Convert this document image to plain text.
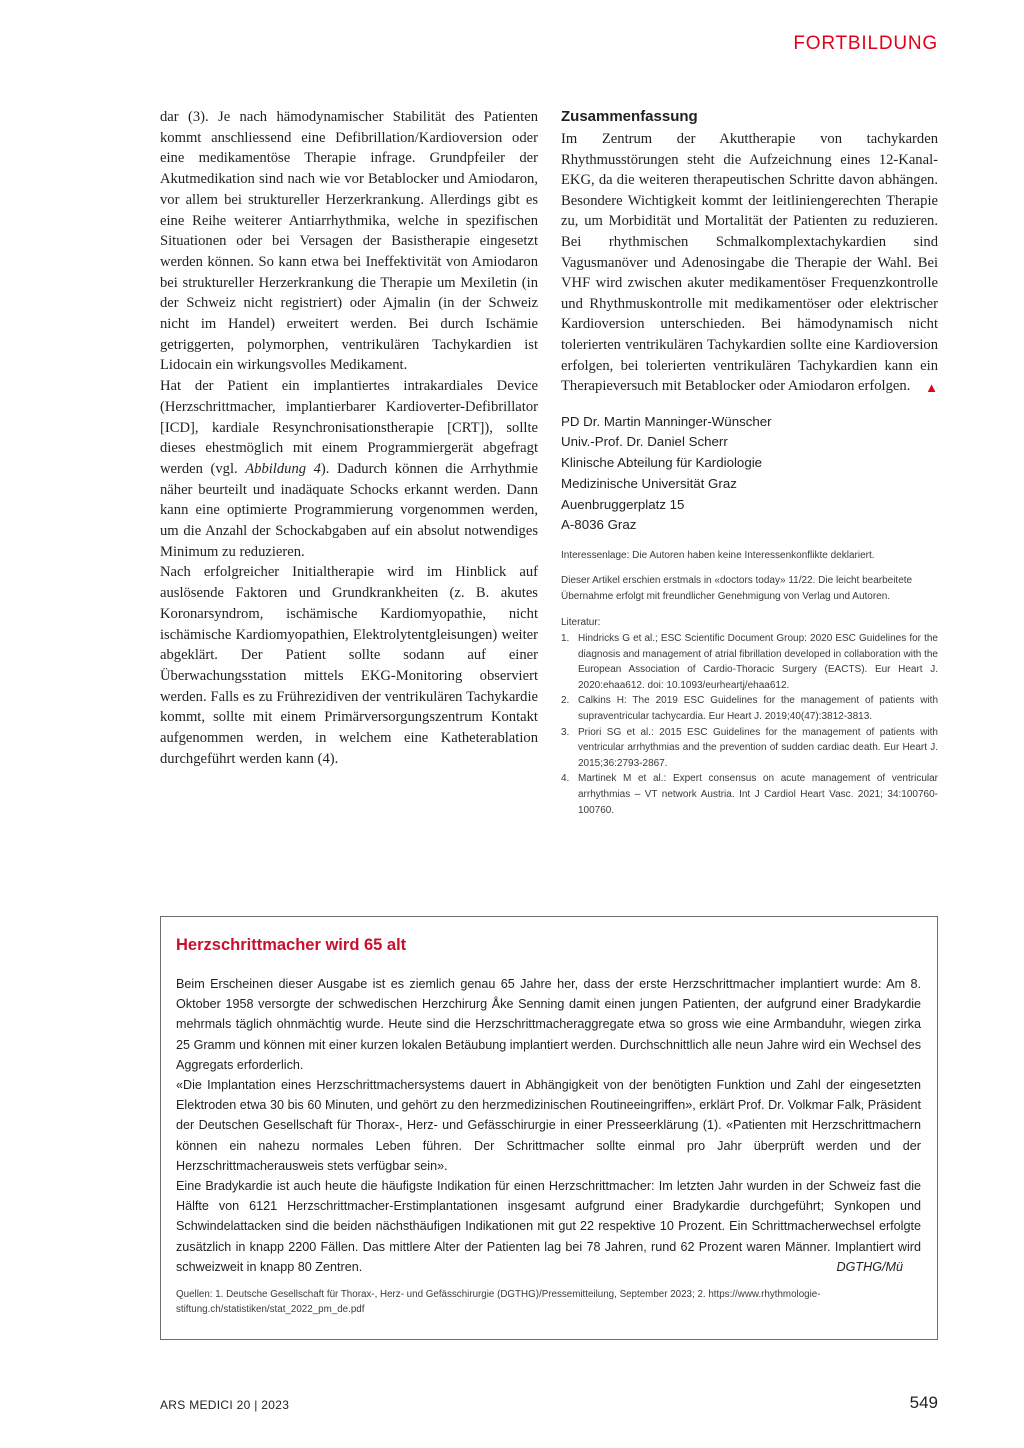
FORTBILDUNG

dar (3). Je nach hämodynamischer Stabilität des Patienten kommt anschliessend eine Defibrillation/Kardioversion oder eine medikamentöse Therapie infrage. Grundpfeiler der Akutmedikation sind nach wie vor Betablocker und Amiodaron, vor allem bei struktureller Herzerkrankung. Allerdings gibt es eine Reihe weiterer Antiarrhythmika, welche in spezifischen Situationen oder bei Versagen der Basistherapie eingesetzt werden können. So kann etwa bei Ineffektivität von Amiodaron bei struktureller Herzerkrankung die Therapie um Mexiletin (in der Schweiz nicht registriert) oder Ajmalin (in der Schweiz nicht im Handel) erweitert werden. Bei durch Ischämie getriggerten, polymorphen, ventrikulären Tachykardien ist Lidocain ein wirkungsvolles Medikament.

Hat der Patient ein implantiertes intrakardiales Device (Herzschrittmacher, implantierbarer Kardioverter-Defibrillator [ICD], kardiale Resynchronisationstherapie [CRT]), sollte dieses ehestmöglich mit einem Programmiergerät abgefragt werden (vgl. Abbildung 4). Dadurch können die Arrhythmie näher beurteilt und inadäquate Schocks erkannt werden. Dann kann eine optimierte Programmierung vorgenommen werden, um die Anzahl der Schockabgaben auf ein absolut notwendiges Minimum zu reduzieren.

Nach erfolgreicher Initialtherapie wird im Hinblick auf auslösende Faktoren und Grundkrankheiten (z. B. akutes Koronarsyndrom, ischämische Kardiomyopathie, nicht ischämische Kardiomyopathien, Elektrolytentgleisungen) weiter abgeklärt. Der Patient sollte sodann auf einer Überwachungsstation mittels EKG-Monitoring observiert werden. Falls es zu Frührezidiven der ventrikulären Tachykardie kommt, sollte mit einem Primärversorgungszentrum Kontakt aufgenommen werden, in welchem eine Katheterablation durchgeführt werden kann (4).

Zusammenfassung

Im Zentrum der Akuttherapie von tachykarden Rhythmusstörungen steht die Aufzeichnung eines 12-Kanal-EKG, da die weiteren therapeutischen Schritte davon abhängen. Besondere Wichtigkeit kommt der leitliniengerechten Therapie zu, um Morbidität und Mortalität der Patienten zu reduzieren. Bei rhythmischen Schmalkomplextachykardien sind Vagusmanöver und Adenosingabe die Therapie der Wahl. Bei VHF wird zwischen akuter medikamentöser Frequenzkontrolle und Rhythmuskontrolle mit medikamentöser oder elektrischer Kardioversion unterschieden. Bei hämodynamisch nicht tolerierten ventrikulären Tachykardien sollte eine Kardioversion erfolgen, bei tolerierten ventrikulären Tachykardien kann ein Therapieversuch mit Betablocker oder Amiodaron erfolgen. ▲

PD Dr. Martin Manninger-Wünscher
Univ.-Prof. Dr. Daniel Scherr
Klinische Abteilung für Kardiologie
Medizinische Universität Graz
Auenbruggerplatz 15
A-8036 Graz
Interessenlage: Die Autoren haben keine Interessenkonflikte deklariert.
Dieser Artikel erschien erstmals in «doctors today» 11/22. Die leicht bearbeitete Übernahme erfolgt mit freundlicher Genehmigung von Verlag und Autoren.
Literatur:
1. Hindricks G et al.; ESC Scientific Document Group: 2020 ESC Guidelines for the diagnosis and management of atrial fibrillation developed in collaboration with the European Association of Cardio-Thoracic Surgery (EACTS). Eur Heart J. 2020:ehaa612. doi: 10.1093/eurheartj/ehaa612.
2. Calkins H: The 2019 ESC Guidelines for the management of patients with supraventricular tachycardia. Eur Heart J. 2019;40(47):3812-3813.
3. Priori SG et al.: 2015 ESC Guidelines for the management of patients with ventricular arrhythmias and the prevention of sudden cardiac death. Eur Heart J. 2015;36:2793-2867.
4. Martinek M et al.: Expert consensus on acute management of ventricular arrhythmias – VT network Austria. Int J Cardiol Heart Vasc. 2021; 34:100760-100760.
Herzschrittmacher wird 65 alt

Beim Erscheinen dieser Ausgabe ist es ziemlich genau 65 Jahre her, dass der erste Herzschrittmacher implantiert wurde: Am 8. Oktober 1958 versorgte der schwedischen Herzchirurg Åke Senning damit einen jungen Patienten, der aufgrund einer Bradykardie mehrmals täglich ohnmächtig wurde. Heute sind die Herzschrittmacheraggregate etwa so gross wie eine Armbanduhr, wiegen zirka 25 Gramm und können mit einer kurzen lokalen Betäubung implantiert werden. Durchschnittlich alle neun Jahre wird ein Wechsel des Aggregats erforderlich.

«Die Implantation eines Herzschrittmachersystems dauert in Abhängigkeit von der benötigten Funktion und Zahl der eingesetzten Elektroden etwa 30 bis 60 Minuten, und gehört zu den herzmedizinischen Routineeingriffen», erklärt Prof. Dr. Volkmar Falk, Präsident der Deutschen Gesellschaft für Thorax-, Herz- und Gefässchirurgie in einer Presseerklärung (1). «Patienten mit Herzschrittmachern können ein nahezu normales Leben führen. Der Schrittmacher sollte einmal pro Jahr überprüft werden und der Herzschrittmacherausweis stets verfügbar sein».

Eine Bradykardie ist auch heute die häufigste Indikation für einen Herzschrittmacher: Im letzten Jahr wurden in der Schweiz fast die Hälfte von 6121 Herzschrittmacher-Erstimplantationen insgesamt aufgrund einer Bradykardie durchgeführt; Synkopen und Schwindelattacken sind die beiden nächsthäufigen Indikationen mit gut 22 respektive 10 Prozent. Ein Schrittmacherwechsel erfolgte zusätzlich in knapp 2200 Fällen. Das mittlere Alter der Patienten lag bei 78 Jahren, rund 62 Prozent waren Männer. Implantiert wird schweizweit in knapp 80 Zentren.	DGTHG/Mü

Quellen: 1. Deutsche Gesellschaft für Thorax-, Herz- und Gefässchirurgie (DGTHG)/Pressemitteilung, September 2023; 2. https://www.rhythmologie-stiftung.ch/statistiken/stat_2022_pm_de.pdf
ARS MEDICI 20 | 2023	549
